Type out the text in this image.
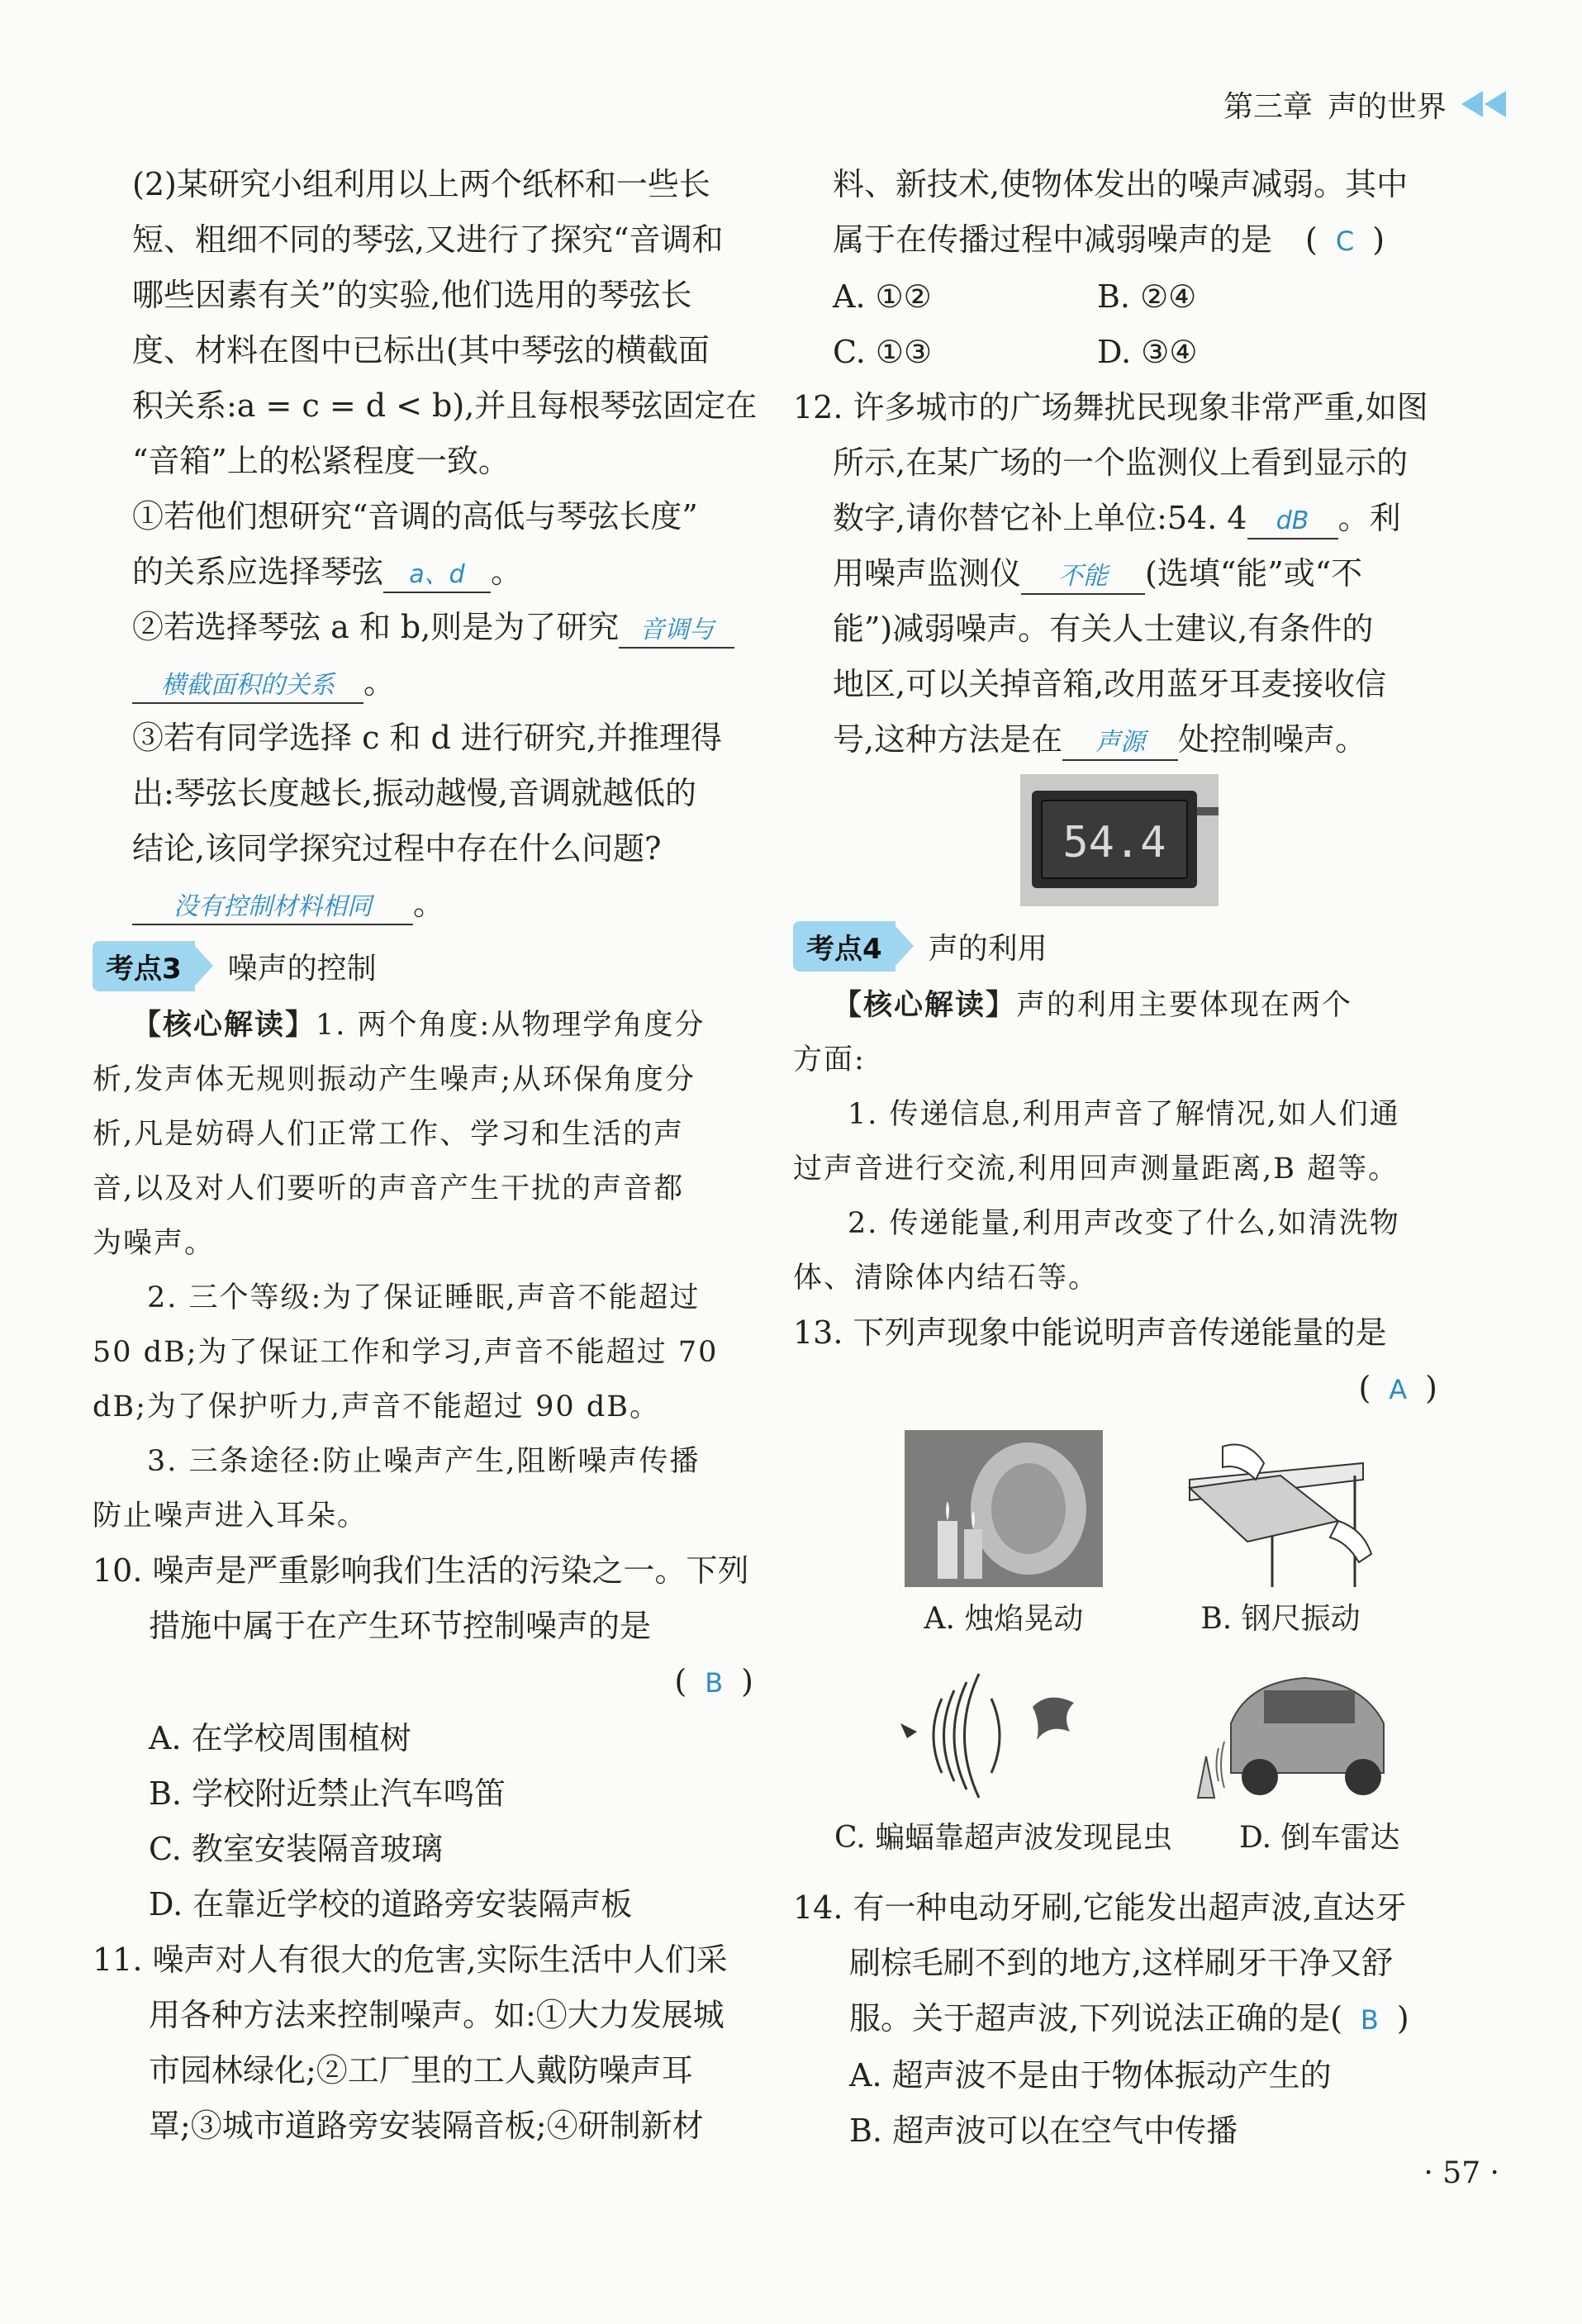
第三章 声的世界
(2)某研究小组利用以上两个纸杯和一些长
短、粗细不同的琴弦,又进行了探究“音调和
哪些因素有关”的实验,他们选用的琴弦长
度、材料在图中已标出(其中琴弦的横截面
积关系:a = c = d < b),并且每根琴弦固定在
“音箱”上的松紧程度一致。
①若他们想研究“音调的高低与琴弦长度”
的关系应选择琴弦 a、d 。
②若选择琴弦 a 和 b,则是为了研究 音调与
横截面积的关系 。
③若有同学选择 c 和 d 进行研究,并推理得
出:琴弦长度越长,振动越慢,音调就越低的
结论,该同学探究过程中存在什么问题?
没有控制材料相同 。
考点3	噪声的控制
【核心解读】1. 两个角度:从物理学角度分
析,发声体无规则振动产生噪声;从环保角度分
析,凡是妨碍人们正常工作、学习和生活的声
音,以及对人们要听的声音产生干扰的声音都
为噪声。
2. 三个等级:为了保证睡眠,声音不能超过
50 dB;为了保证工作和学习,声音不能超过 70
dB;为了保护听力,声音不能超过 90 dB。
3. 三条途径:防止噪声产生,阻断噪声传播
防止噪声进入耳朵。
10. 噪声是严重影响我们生活的污染之一。下列
措施中属于在产生环节控制噪声的是
( B )
A. 在学校周围植树
B. 学校附近禁止汽车鸣笛
C. 教室安装隔音玻璃
D. 在靠近学校的道路旁安装隔声板
11. 噪声对人有很大的危害,实际生活中人们采
用各种方法来控制噪声。如:①大力发展城
市园林绿化;②工厂里的工人戴防噪声耳
罩;③城市道路旁安装隔音板;④研制新材
料、新技术,使物体发出的噪声减弱。其中
属于在传播过程中减弱噪声的是 ( C )
A. ①②	B. ②④
C. ①③	D. ③④
12. 许多城市的广场舞扰民现象非常严重,如图
所示,在某广场的一个监测仪上看到显示的
数字,请你替它补上单位:54. 4 dB 。利
用噪声监测仪 不能 (选填“能”或“不
能”)减弱噪声。有关人士建议,有条件的
地区,可以关掉音箱,改用蓝牙耳麦接收信
号,这种方法是在 声源 处控制噪声。
54.4
考点4	声的利用
【核心解读】声的利用主要体现在两个
方面:
1. 传递信息,利用声音了解情况,如人们通
过声音进行交流,利用回声测量距离,B 超等。
2. 传递能量,利用声改变了什么,如清洗物
体、清除体内结石等。
13. 下列声现象中能说明声音传递能量的是
( A )
A. 烛焰晃动	B. 钢尺振动
C. 蝙蝠靠超声波发现昆虫	D. 倒车雷达
14. 有一种电动牙刷,它能发出超声波,直达牙
刷棕毛刷不到的地方,这样刷牙干净又舒
服。关于超声波,下列说法正确的是( B )
A. 超声波不是由于物体振动产生的
B. 超声波可以在空气中传播
· 57 ·
